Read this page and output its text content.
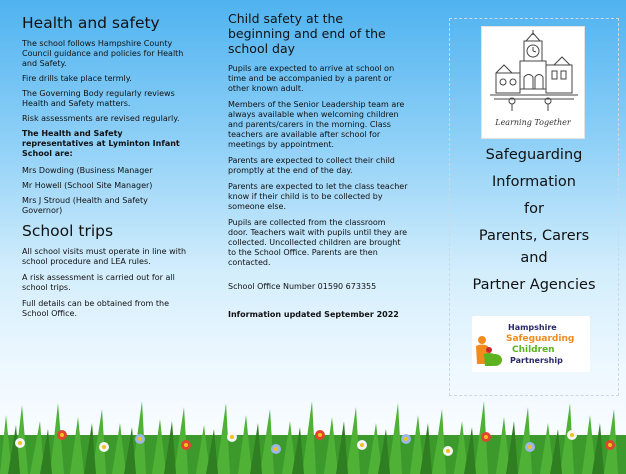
Health and safety

The school follows Hampshire County Council guidance and policies for Health and Safety.

Fire drills take place termly.

The Governing Body regularly reviews Health and Safety matters.

Risk assessments are revised regularly.

The Health and Safety representatives at Lyminton Infant School are:

Mrs Dowding (Business Manager

Mr Howell (School Site Manager)

Mrs J Stroud (Health and Safety Governor)

School trips

All school visits must operate in line with school procedure and LEA rules.

A risk assessment is carried out for all school trips.

Full details can be obtained from the School Office.

Child safety at the beginning and end of the school day

Pupils are expected to arrive at school on time and be accompanied by a parent or other known adult.

Members of the Senior Leadership team are always available when welcoming children and parents/carers in the morning. Class teachers are available after school for meetings by appointment.

Parents are expected to collect their child promptly at the end of the day.

Parents are expected to let the class teacher know if their child is to be collected by someone else.

Pupils are collected from the classroom door. Teachers wait with pupils until they are collected. Uncollected children are brought to the School Office. Parents are then contacted.

School Office Number 01590 673355

Information updated September 2022

Learning Together
Safeguarding
Information
for
Parents, Carers
and
Partner Agencies
Hampshire
Safeguarding
Children
Partnership
